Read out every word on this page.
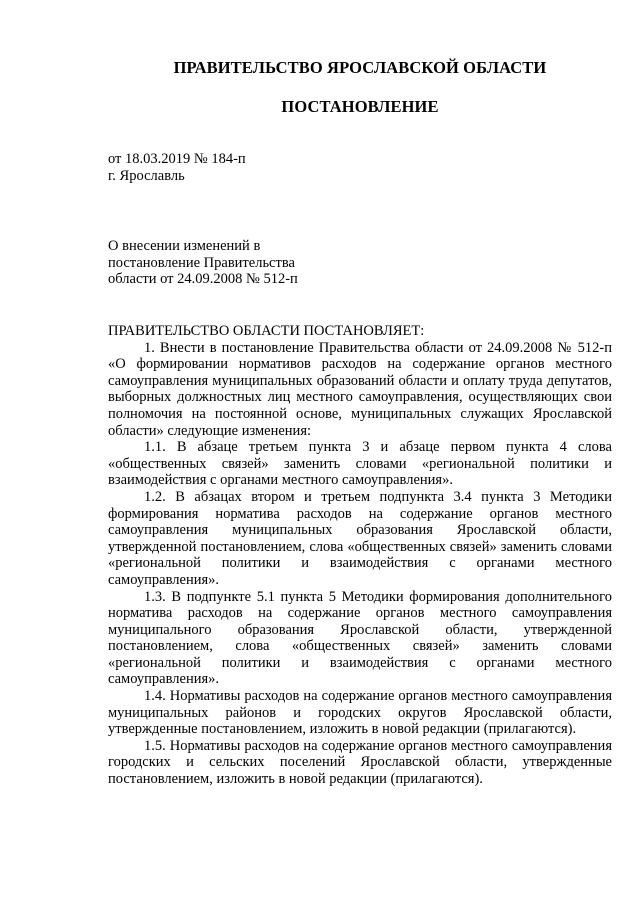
ПРАВИТЕЛЬСТВО ЯРОСЛАВСКОЙ ОБЛАСТИ
ПОСТАНОВЛЕНИЕ
от 18.03.2019 № 184-п
г. Ярославль
О внесении изменений в
постановление Правительства
области от 24.09.2008 № 512-п

ПРАВИТЕЛЬСТВО ОБЛАСТИ ПОСТАНОВЛЯЕТ:

1. Внести в постановление Правительства области от 24.09.2008 № 512-п «О формировании нормативов расходов на содержание органов местного самоуправления муниципальных образований области и оплату труда депутатов, выборных должностных лиц местного самоуправления, осуществляющих свои полномочия на постоянной основе, муниципальных служащих Ярославской области» следующие изменения:

1.1. В абзаце третьем пункта 3 и абзаце первом пункта 4 слова «общественных связей» заменить словами «региональной политики и взаимодействия с органами местного самоуправления».

1.2. В абзацах втором и третьем подпункта 3.4 пункта 3 Методики формирования норматива расходов на содержание органов местного самоуправления муниципальных образования Ярославской области, утвержденной постановлением, слова «общественных связей» заменить словами «региональной политики и взаимодействия с органами местного самоуправления».

1.3. В подпункте 5.1 пункта 5 Методики формирования дополнительного норматива расходов на содержание органов местного самоуправления муниципального образования Ярославской области, утвержденной постановлением, слова «общественных связей» заменить словами «региональной политики и взаимодействия с органами местного самоуправления».

1.4. Нормативы расходов на содержание органов местного самоуправления муниципальных районов и городских округов Ярославской области, утвержденные постановлением, изложить в новой редакции (прилагаются).

1.5. Нормативы расходов на содержание органов местного самоуправления городских и сельских поселений Ярославской области, утвержденные постановлением, изложить в новой редакции (прилагаются).
